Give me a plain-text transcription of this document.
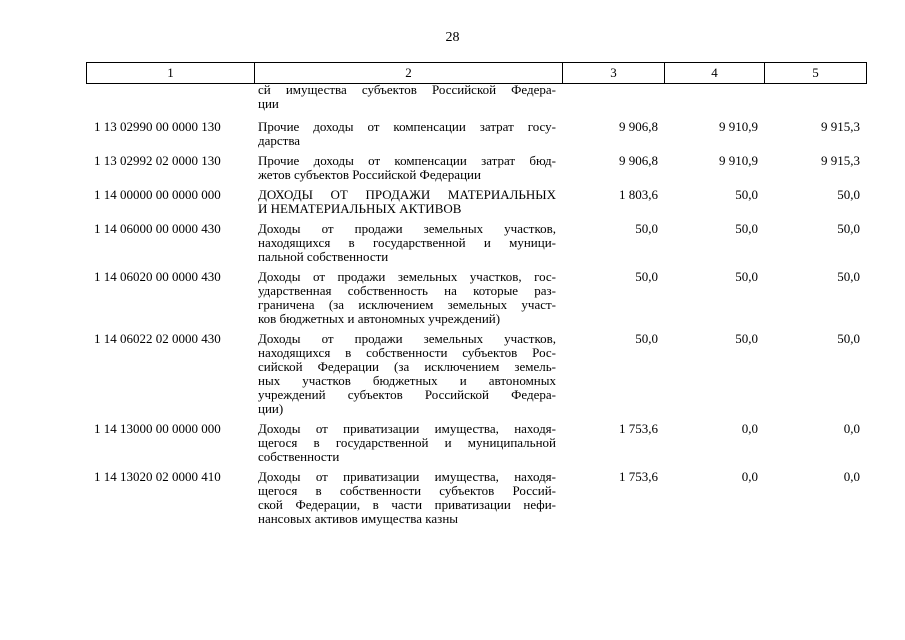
28
1	2	3	4	5
сй имущества субъектов Российской Федера-
ции
1 13 02990 00 0000 130	Прочие доходы от компенсации затрат госу-
дарства
9 906,8	9 910,9	9 915,3
1 13 02992 02 0000 130	Прочие доходы от компенсации затрат бюд-
жетов субъектов Российской Федерации
9 906,8	9 910,9	9 915,3
1 14 00000 00 0000 000	ДОХОДЫ ОТ ПРОДАЖИ МАТЕРИАЛЬНЫХ
И НЕМАТЕРИАЛЬНЫХ АКТИВОВ
1 803,6	50,0	50,0
1 14 06000 00 0000 430	Доходы от продажи земельных участков,
находящихся в государственной и муници-
пальной собственности
50,0	50,0	50,0
1 14 06020 00 0000 430	Доходы от продажи земельных участков, гос-
ударственная собственность на которые раз-
граничена (за исключением земельных участ-
ков бюджетных и автономных учреждений)
50,0	50,0	50,0
1 14 06022 02 0000 430	Доходы от продажи земельных участков,
находящихся в собственности субъектов Рос-
сийской Федерации (за исключением земель-
ных участков бюджетных и автономных
учреждений субъектов Российской Федера-
ции)
50,0	50,0	50,0
1 14 13000 00 0000 000	Доходы от приватизации имущества, находя-
щегося в государственной и муниципальной
собственности
1 753,6	0,0	0,0
1 14 13020 02 0000 410	Доходы от приватизации имущества, находя-
щегося в собственности субъектов Россий-
ской Федерации, в части приватизации нефи-
нансовых активов имущества казны
1 753,6	0,0	0,0
